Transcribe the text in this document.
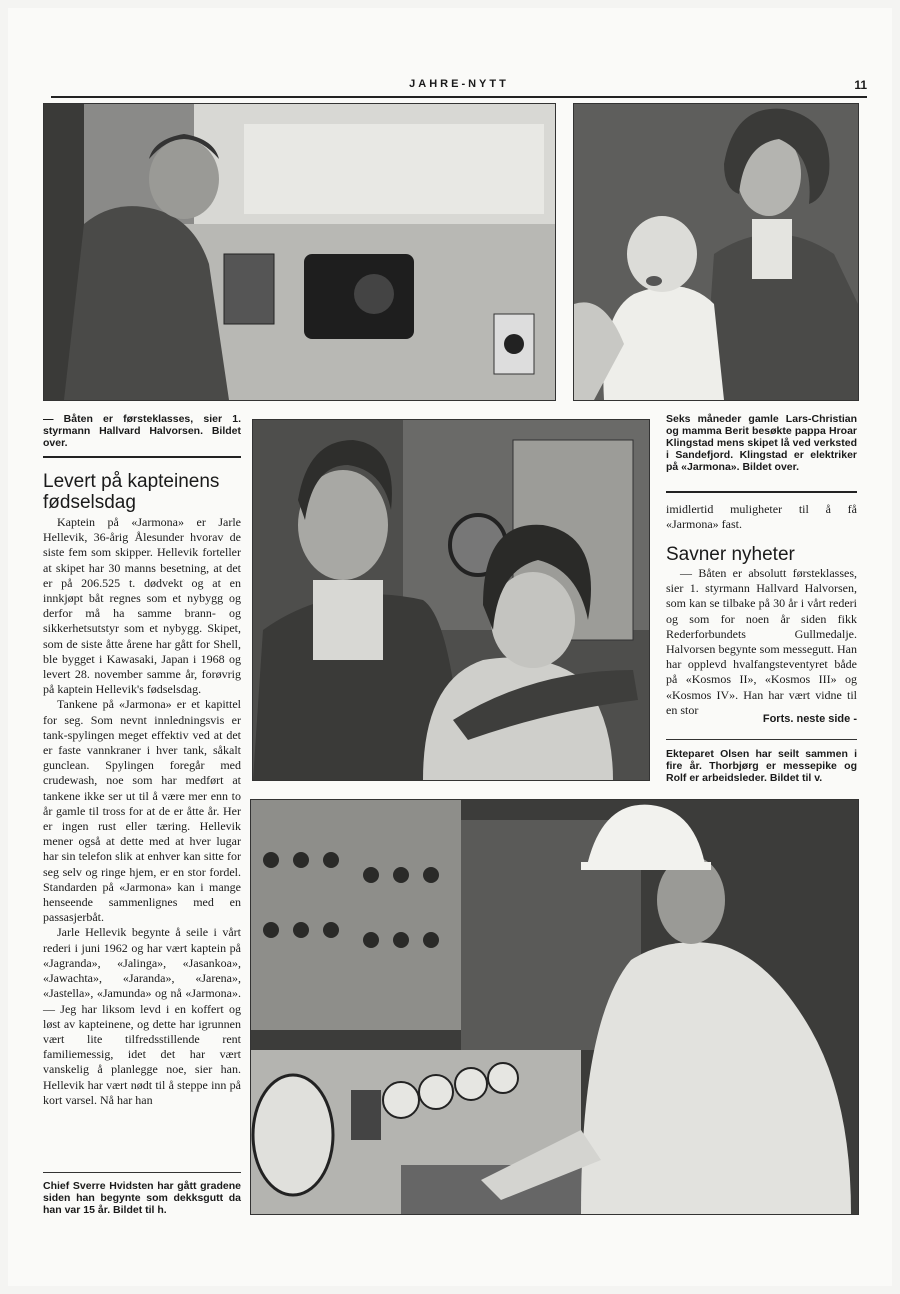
JAHRE-NYTT	11
— Båten er førsteklasses, sier 1. styrmann Hallvard Halvorsen. Bildet over.
Levert på kapteinens fødselsdag

Kaptein på «Jarmona» er Jarle Hellevik, 36-årig Ålesunder hvorav de siste fem som skipper. Hellevik forteller at skipet har 30 manns besetning, at det er på 206.525 t. dødvekt og at en innkjøpt båt regnes som et nybygg og derfor må ha samme brann- og sikkerhetsutstyr som et nybygg. Skipet, som de siste åtte årene har gått for Shell, ble bygget i Kawasaki, Japan i 1968 og levert 28. november samme år, forøvrig på kaptein Hellevik's fødselsdag.

Tankene på «Jarmona» er et kapittel for seg. Som nevnt innledningsvis er tank-spylingen meget effektiv ved at det er faste vannkraner i hver tank, såkalt gunclean. Spylingen foregår med crudewash, noe som har medført at tankene ikke ser ut til å være mer enn to år gamle til tross for at de er åtte år. Her er ingen rust eller tæring. Hellevik mener også at dette med at hver lugar har sin telefon slik at enhver kan sitte for seg selv og ringe hjem, er en stor fordel. Standarden på «Jarmona» kan i mange henseende sammenlignes med en passasjerbåt.

Jarle Hellevik begynte å seile i vårt rederi i juni 1962 og har vært kaptein på «Jagranda», «Jalinga», «Jasankoa», «Jawachta», «Jaranda», «Jarena», «Jastella», «Jamunda» og nå «Jarmona». — Jeg har liksom levd i en koffert og løst av kapteinene, og dette har igrunnen vært lite tilfredsstillende rent familiemessig, idet det har vært vanskelig å planlegge noe, sier han. Hellevik har vært nødt til å steppe inn på kort varsel. Nå har han

Seks måneder gamle Lars-Christian og mamma Berit besøkte pappa Hroar Klingstad mens skipet lå ved verksted i Sandefjord. Klingstad er elektriker på «Jarmona». Bildet over.

imidlertid muligheter til å få «Jarmona» fast.

Savner nyheter

— Båten er absolutt førsteklasses, sier 1. styrmann Hallvard Halvorsen, som kan se tilbake på 30 år i vårt rederi og som for noen år siden fikk Rederforbundets Gullmedalje. Halvorsen begynte som messegutt. Han har opplevd hvalfangsteventyret både på «Kosmos II», «Kosmos III» og «Kosmos IV». Han har vært vidne til en stor

Forts. neste side -
Ekteparet Olsen har seilt sammen i fire år. Thorbjørg er messepike og Rolf er arbeidsleder. Bildet til v.
Chief Sverre Hvidsten har gått gradene siden han begynte som dekksgutt da han var 15 år. Bildet til h.
